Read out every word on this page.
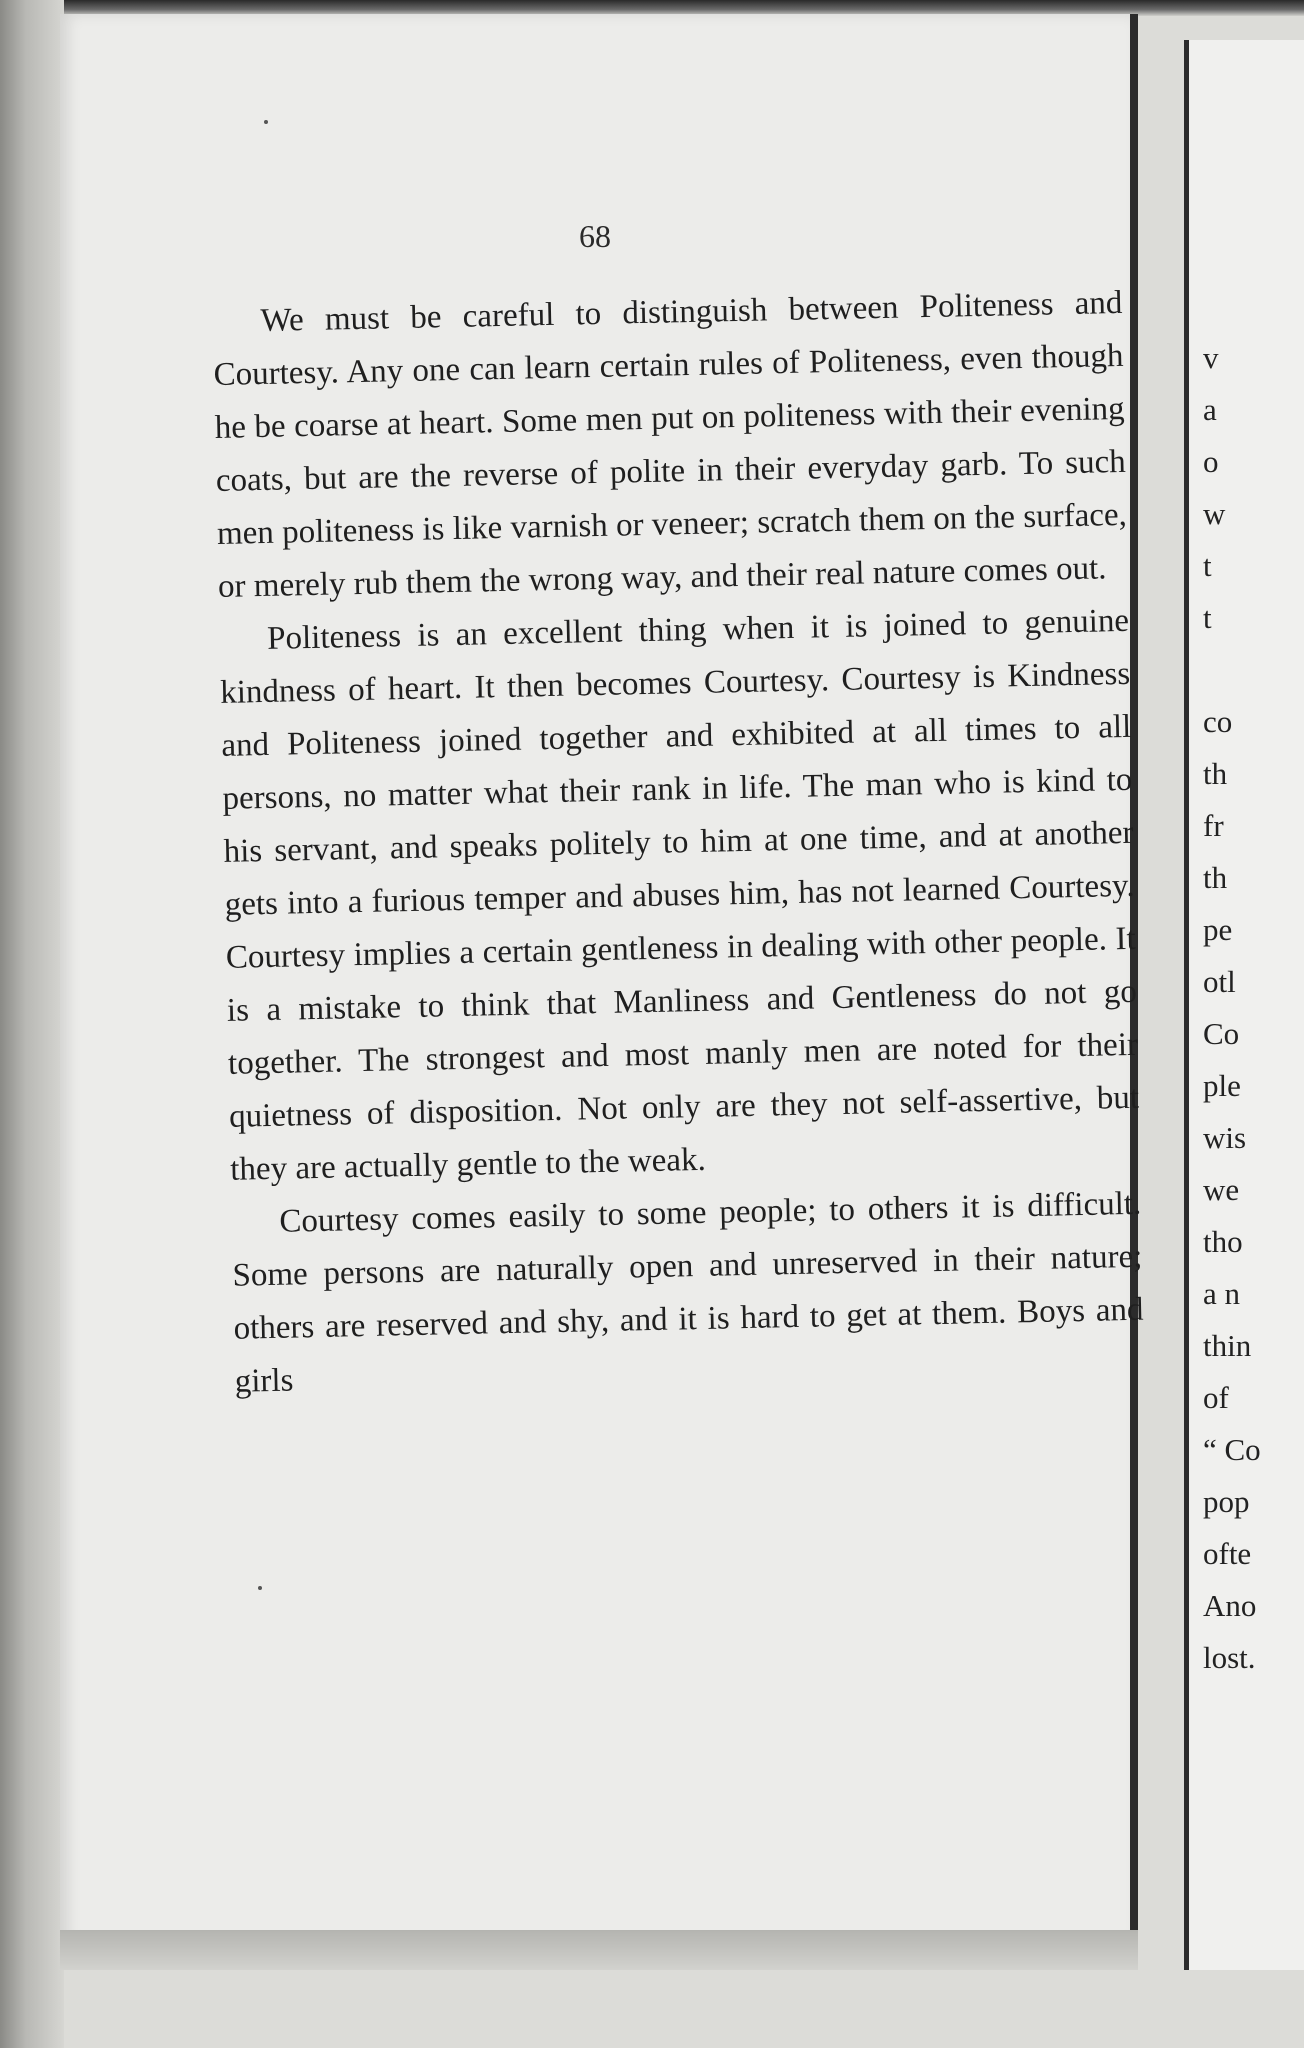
68

We must be careful to distinguish between Politeness and Courtesy. Any one can learn certain rules of Politeness, even though he be coarse at heart. Some men put on politeness with their evening coats, but are the reverse of polite in their everyday garb. To such men politeness is like varnish or veneer; scratch them on the surface, or merely rub them the wrong way, and their real nature comes out.

Politeness is an excellent thing when it is joined to genuine kindness of heart. It then becomes Courtesy. Courtesy is Kindness and Politeness joined together and exhibited at all times to all persons, no matter what their rank in life. The man who is kind to his servant, and speaks politely to him at one time, and at another gets into a furious temper and abuses him, has not learned Courtesy. Courtesy implies a certain gentleness in dealing with other people. It is a mistake to think that Manliness and Gentleness do not go together. The strongest and most manly men are noted for their quietness of disposition. Not only are they not self-assertive, but they are actually gentle to the weak.

Courtesy comes easily to some people; to others it is difficult. Some persons are naturally open and unreserved in their nature; others are reserved and shy, and it is hard to get at them. Boys and girls

v
a
o
w
t
t
co
th
fr
th
pe
otl
Co
ple
wis
we
tho
a n
thin
of
“ Co
pop
ofte
Ano
lost.
